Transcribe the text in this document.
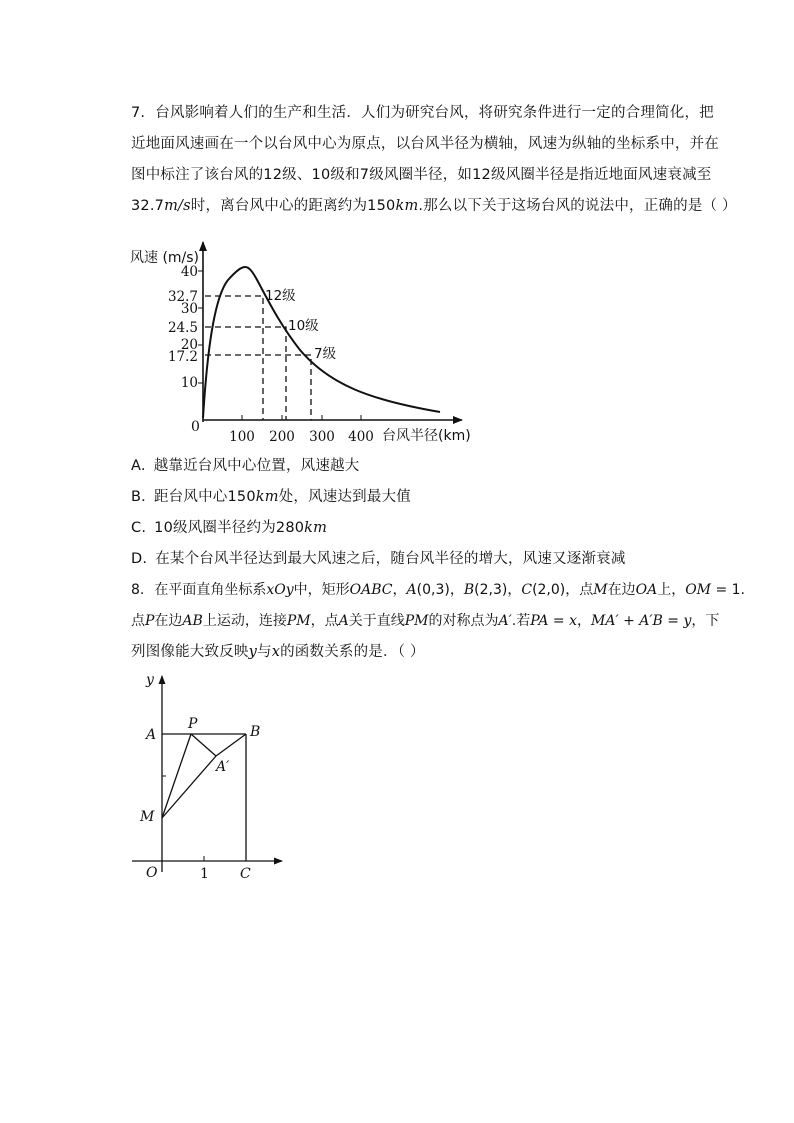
7. 台风影响着人们的生产和生活．人们为研究台风，将研究条件进行一定的合理简化，把
近地面风速画在一个以台风中心为原点，以台风半径为横轴，风速为纵轴的坐标系中，并在
图中标注了该台风的12级、10级和7级风圈半径，如12级风圈半径是指近地面风速衰减至
32.7m/s时，离台风中心的距离约为150km.那么以下关于这场台风的说法中，正确的是（ ）
风速 (m/s)
台风半径(km)
0
40
32.7
30
24.5
20
17.2
10
100 200 300 400
12级
10级
7级
A. 越靠近台风中心位置，风速越大
B. 距台风中心150km处，风速达到最大值
C. 10级风圈半径约为280km
D. 在某个台风半径达到最大风速之后，随台风半径的增大，风速又逐渐衰减
8. 在平面直角坐标系xOy中，矩形OABC，A(0,3)，B(2,3)，C(2,0)，点M在边OA上，OM = 1.
点P在边AB上运动，连接PM，点A关于直线PM的对称点为A′.若PA = x，MA′ + A′B = y，下
列图像能大致反映y与x的函数关系的是．（ ）
y
A
P	B
A′
M
O	1 C
